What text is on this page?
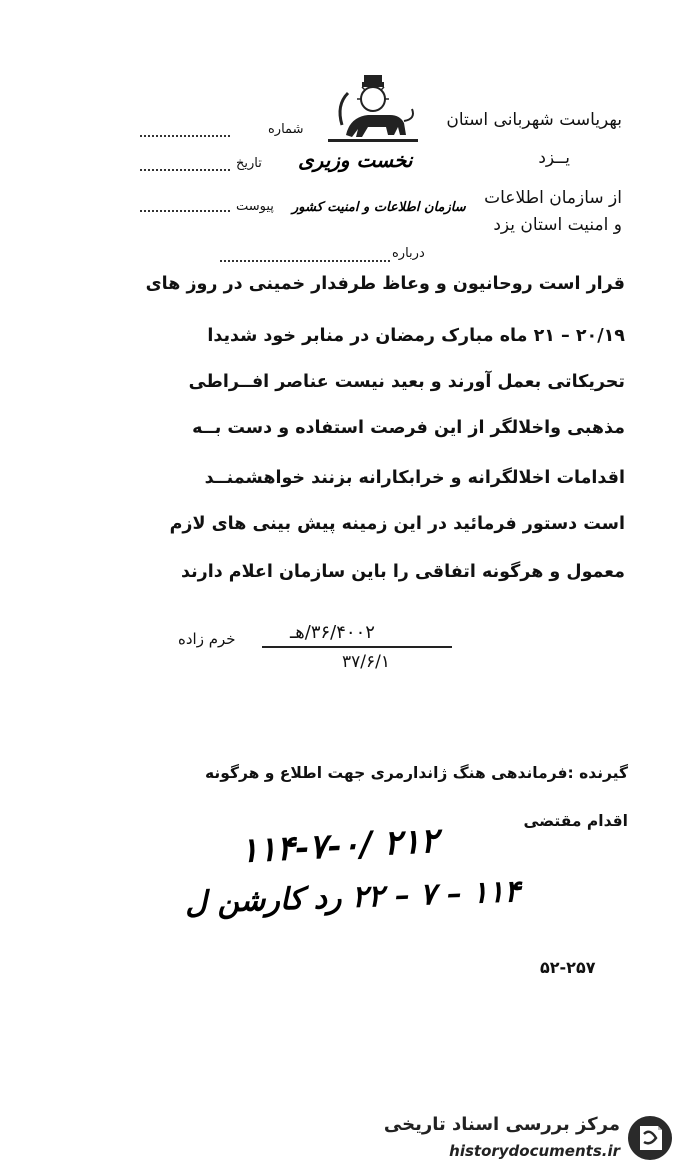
نخست وزیری
سازمان اطلاعات و امنیت کشور
شماره
تاریخ
پیوست
بهریاست شهربانی استان
یــزد
از سازمان اطلاعات
و امنیت استان یزد
درباره
قرار است روحانیون و وعاظ طرفدار خمینی در روز های
۲۰/۱۹ – ۲۱ ماه مبارک رمضان در منابر خود شدیدا
تحریکاتی بعمل آورند و بعید نیست عناصر افــراطی
مذهبی واخلالگر از این فرصت استفاده و دست بــه
اقدامات اخلالگرانه و خرابکارانه بزنند خواهشمنــد
است دستور فرمائید در این زمینه پیش بینی های لازم
معمول و هرگونه اتفاقی را باین سازمان اعلام دارند
خرم زاده	۳۶/۴۰۰۲/هـ
۳۷/۶/۱
گیرنده :فرماندهی هنگ ژاندارمری جهت اطلاع و هرگونه
اقدام مقتضی
۱۱۴-۷-۰/ ۲۱۲
۱۱۴ – ۷ – ۲۲ رد کارشن ل
۵۲-۲۵۷
مرکز بررسی اسناد تاریخی
historydocuments.ir
